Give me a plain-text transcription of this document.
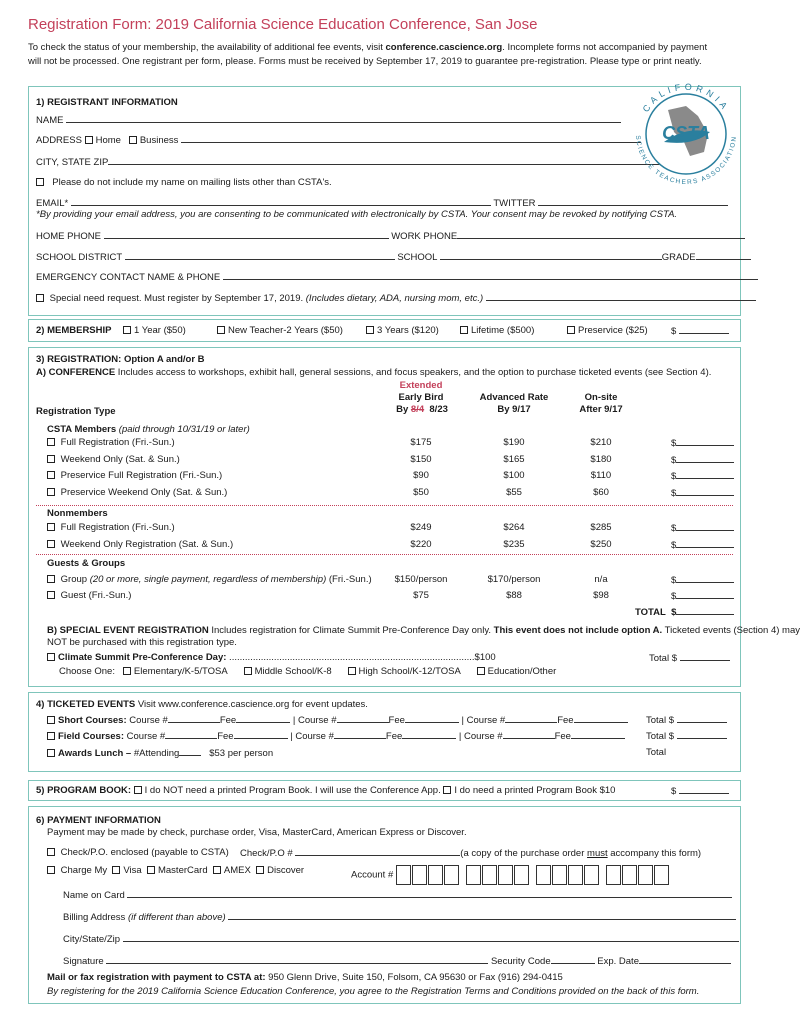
Registration Form: 2019 California Science Education Conference, San Jose
To check the status of your membership, the availability of additional fee events, visit conference.cascience.org. Incomplete forms not accompanied by payment will not be processed. One registrant per form, please. Forms must be received by September 17, 2019 to guarantee pre-registration. Please type or print neatly.
1) REGISTRANT INFORMATION
NAME
ADDRESS Home Business
CITY, STATE ZIP
Please do not include my name on mailing lists other than CSTA's.
EMAIL*	TWITTER
*By providing your email address, you are consenting to be communicated with electronically by CSTA. Your consent may be revoked by notifying CSTA.
HOME PHONE	WORK PHONE
SCHOOL DISTRICT	SCHOOL	GRADE
EMERGENCY CONTACT NAME & PHONE
Special need request. Must register by September 17, 2019. (Includes dietary, ADA, nursing mom, etc.)
CSTA
CALIFORNIA
SCIENCE TEACHERS ASSOCIATION
2) MEMBERSHIP	1 Year ($50)	New Teacher-2 Years ($50)	3 Years ($120)	Lifetime ($500)	Preservice ($25) $
3) REGISTRATION: Option A and/or B
A) CONFERENCE Includes access to workshops, exhibit hall, general sessions, and focus speakers, and the option to purchase ticketed events (see Section 4).
Extended
Early Bird
By 8/4 8/23
Advanced Rate
By 9/17
On-site
After 9/17
Registration Type
CSTA Members (paid through 10/31/19 or later)
Full Registration (Fri.-Sun.)	$175	$190	$210	$
Weekend Only (Sat. & Sun.)	$150	$165	$180	$
Preservice Full Registration (Fri.-Sun.)	$90	$100	$110	$
Preservice Weekend Only (Sat. & Sun.)	$50	$55	$60	$
Nonmembers
Full Registration (Fri.-Sun.)	$249	$264	$285	$
Weekend Only Registration (Sat. & Sun.)	$220	$235	$250	$
Guests & Groups
Group (20 or more, single payment, regardless of membership) (Fri.-Sun.)	$150/person	$170/person	n/a	$
Guest (Fri.-Sun.)	$75	$88	$98	$
TOTAL $
B) SPECIAL EVENT REGISTRATION Includes registration for Climate Summit Pre-Conference Day only. This event does not include option A. Ticketed events (Section 4) may
NOT be purchased with this registration type.
Climate Summit Pre-Conference Day: .............................................................................................$100	Total $
Choose One: Elementary/K-5/TOSA	Middle School/K-8	High School/K-12/TOSA	Education/Other
4) TICKETED EVENTS Visit www.conference.cascience.org for event updates.
Short Courses: Course #	Fee	| Course #	Fee	| Course #	Fee	Total $
Field Courses: Course #	Fee	| Course #	Fee	| Course #	Fee	Total $
Awards Lunch – #Attending	$53 per person	Total
5) PROGRAM BOOK: I do NOT need a printed Program Book. I will use the Conference App. I do need a printed Program Book $10	$
6) PAYMENT INFORMATION
Payment may be made by check, purchase order, Visa, MasterCard, American Express or Discover.
Check/P.O. enclosed (payable to CSTA) Check/P.O #	(a copy of the purchase order must accompany this form)
Charge My Visa MasterCard AMEX Discover	Account #
Name on Card
Billing Address (if different than above)
City/State/Zip
Signature	Security Code	Exp. Date
Mail or fax registration with payment to CSTA at: 950 Glenn Drive, Suite 150, Folsom, CA 95630 or Fax (916) 294-0415
By registering for the 2019 California Science Education Conference, you agree to the Registration Terms and Conditions provided on the back of this form.
